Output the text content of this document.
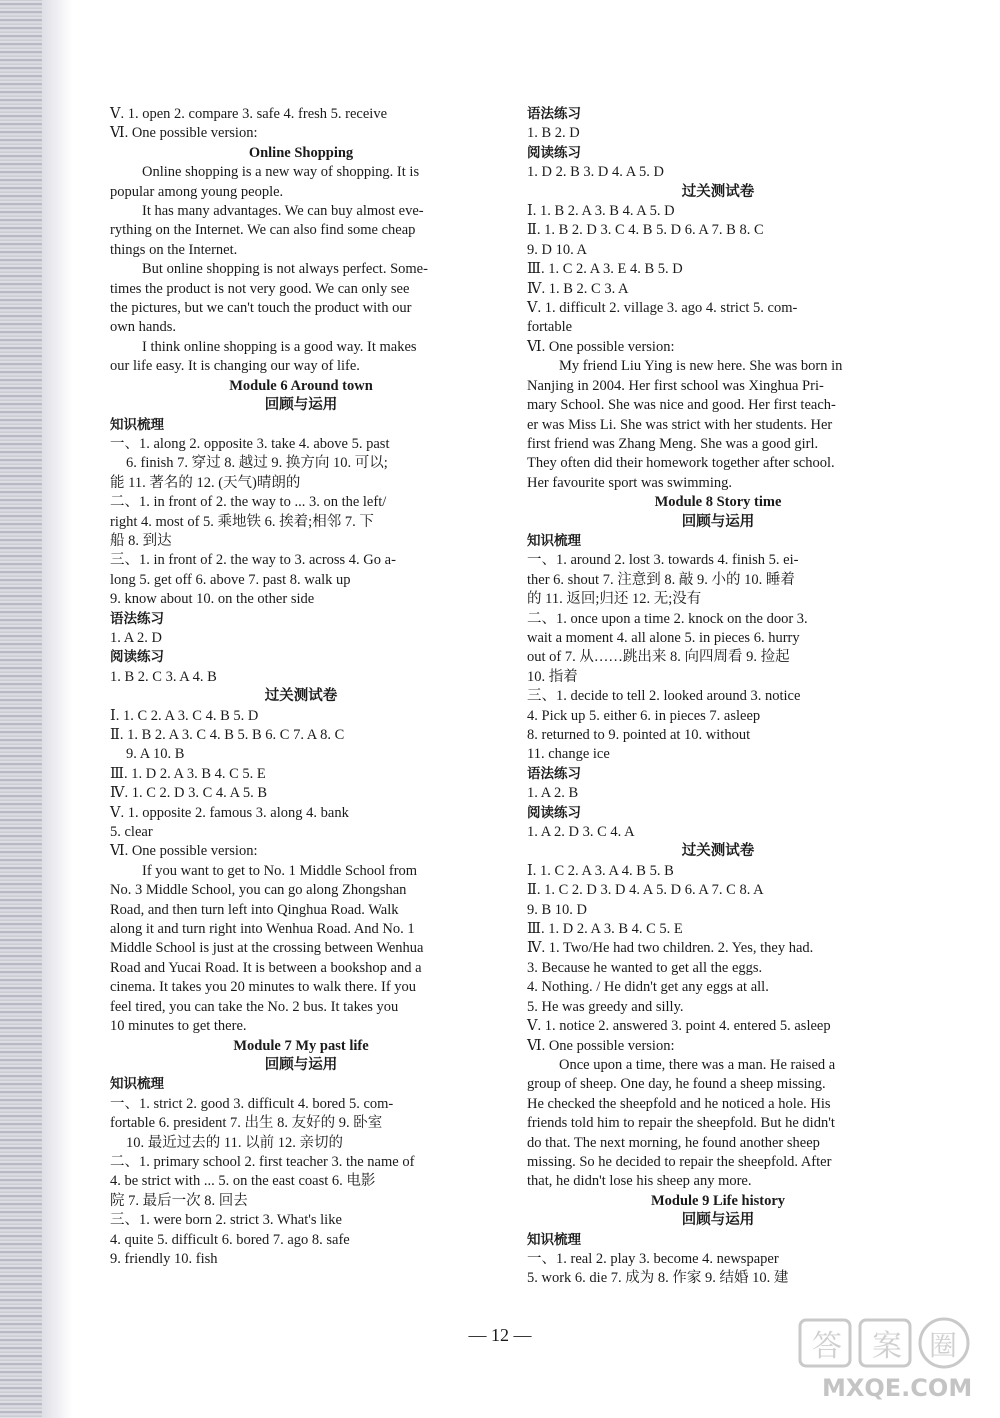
Ⅴ. 1. open 2. compare 3. safe 4. fresh 5. receive

Ⅵ. One possible version:

Online Shopping

Online shopping is a new way of shopping. It is

popular among young people.

It has many advantages. We can buy almost eve-

rything on the Internet. We can also find some cheap

things on the Internet.

But online shopping is not always perfect. Some-

times the product is not very good. We can only see

the pictures, but we can't touch the product with our

own hands.

I think online shopping is a good way. It makes

our life easy. It is changing our way of life.

Module 6 Around town

回顾与运用

知识梳理

一、1. along 2. opposite 3. take 4. above 5. past

6. finish 7. 穿过 8. 越过 9. 换方向 10. 可以;

能 11. 著名的 12. (天气)晴朗的

二、1. in front of 2. the way to ... 3. on the left/

right 4. most of 5. 乘地铁 6. 挨着;相邻 7. 下

船 8. 到达

三、1. in front of 2. the way to 3. across 4. Go a-

long 5. get off 6. above 7. past 8. walk up

9. know about 10. on the other side

语法练习

1. A 2. D

阅读练习

1. B 2. C 3. A 4. B

过关测试卷

Ⅰ. 1. C 2. A 3. C 4. B 5. D

Ⅱ. 1. B 2. A 3. C 4. B 5. B 6. C 7. A 8. C

9. A 10. B

Ⅲ. 1. D 2. A 3. B 4. C 5. E

Ⅳ. 1. C 2. D 3. C 4. A 5. B

Ⅴ. 1. opposite 2. famous 3. along 4. bank

5. clear

Ⅵ. One possible version:

If you want to get to No. 1 Middle School from

No. 3 Middle School, you can go along Zhongshan

Road, and then turn left into Qinghua Road. Walk

along it and turn right into Wenhua Road. And No. 1

Middle School is just at the crossing between Wenhua

Road and Yucai Road. It is between a bookshop and a

cinema. It takes you 20 minutes to walk there. If you

feel tired, you can take the No. 2 bus. It takes you

10 minutes to get there.

Module 7 My past life

回顾与运用

知识梳理

一、1. strict 2. good 3. difficult 4. bored 5. com-

fortable 6. president 7. 出生 8. 友好的 9. 卧室

10. 最近过去的 11. 以前 12. 亲切的

二、1. primary school 2. first teacher 3. the name of

4. be strict with ... 5. on the east coast 6. 电影

院 7. 最后一次 8. 回去

三、1. were born 2. strict 3. What's like

4. quite 5. difficult 6. bored 7. ago 8. safe

9. friendly 10. fish

语法练习

1. B 2. D

阅读练习

1. D 2. B 3. D 4. A 5. D

过关测试卷

Ⅰ. 1. B 2. A 3. B 4. A 5. D

Ⅱ. 1. B 2. D 3. C 4. B 5. D 6. A 7. B 8. C

9. D 10. A

Ⅲ. 1. C 2. A 3. E 4. B 5. D

Ⅳ. 1. B 2. C 3. A

Ⅴ. 1. difficult 2. village 3. ago 4. strict 5. com-

fortable

Ⅵ. One possible version:

My friend Liu Ying is new here. She was born in

Nanjing in 2004. Her first school was Xinghua Pri-

mary School. She was nice and good. Her first teach-

er was Miss Li. She was strict with her students. Her

first friend was Zhang Meng. She was a good girl.

They often did their homework together after school.

Her favourite sport was swimming.

Module 8 Story time

回顾与运用

知识梳理

一、1. around 2. lost 3. towards 4. finish 5. ei-

ther 6. shout 7. 注意到 8. 敲 9. 小的 10. 睡着

的 11. 返回;归还 12. 无;没有

二、1. once upon a time 2. knock on the door 3.

wait a moment 4. all alone 5. in pieces 6. hurry

out of 7. 从……跳出来 8. 向四周看 9. 捡起

10. 指着

三、1. decide to tell 2. looked around 3. notice

4. Pick up 5. either 6. in pieces 7. asleep

8. returned to 9. pointed at 10. without

11. change ice

语法练习

1. A 2. B

阅读练习

1. A 2. D 3. C 4. A

过关测试卷

Ⅰ. 1. C 2. A 3. A 4. B 5. B

Ⅱ. 1. C 2. D 3. D 4. A 5. D 6. A 7. C 8. A

9. B 10. D

Ⅲ. 1. D 2. A 3. B 4. C 5. E

Ⅳ. 1. Two/He had two children. 2. Yes, they had.

3. Because he wanted to get all the eggs.

4. Nothing. / He didn't get any eggs at all.

5. He was greedy and silly.

Ⅴ. 1. notice 2. answered 3. point 4. entered 5. asleep

Ⅵ. One possible version:

Once upon a time, there was a man. He raised a

group of sheep. One day, he found a sheep missing.

He checked the sheepfold and he noticed a hole. His

friends told him to repair the sheepfold. But he didn't

do that. The next morning, he found another sheep

missing. So he decided to repair the sheepfold. After

that, he didn't lose his sheep any more.

Module 9 Life history

回顾与运用

知识梳理

一、1. real 2. play 3. become 4. newspaper

5. work 6. die 7. 成为 8. 作家 9. 结婚 10. 建

— 12 —	答 案 圈
MXQE.COM
